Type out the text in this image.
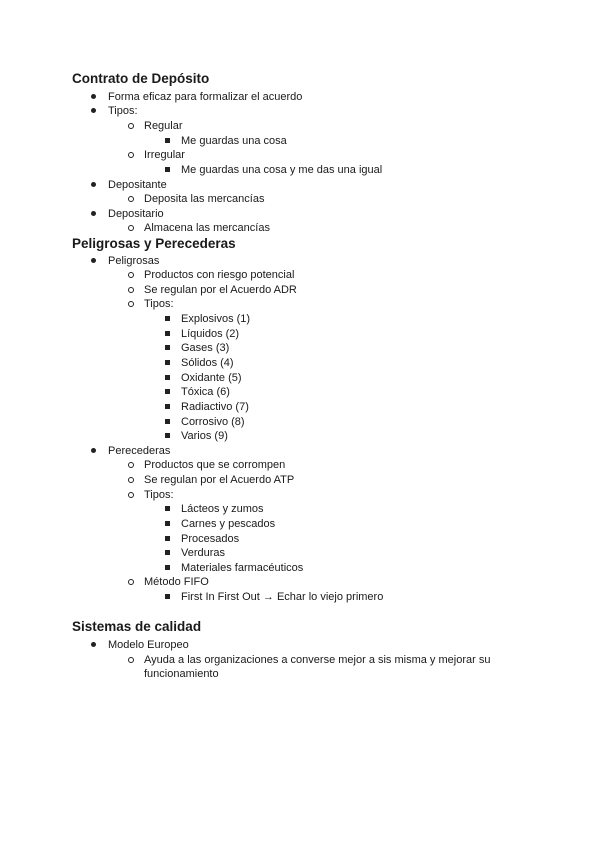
Contrato de Depósito
Forma eficaz para formalizar el acuerdo
Tipos:
Regular
Me guardas una cosa
Irregular
Me guardas una cosa y me das una igual
Depositante
Deposita las mercancías
Depositario
Almacena las mercancías
Peligrosas y Perecederas
Peligrosas
Productos con riesgo potencial
Se regulan por el Acuerdo ADR
Tipos:
Explosivos (1)
Líquidos (2)
Gases (3)
Sólidos (4)
Oxidante (5)
Tóxica (6)
Radiactivo (7)
Corrosivo (8)
Varios (9)
Perecederas
Productos que se corrompen
Se regulan por el Acuerdo ATP
Tipos:
Lácteos y zumos
Carnes y pescados
Procesados
Verduras
Materiales farmacéuticos
Método FIFO
First In First Out → Echar lo viejo primero
Sistemas de calidad
Modelo Europeo
Ayuda a las organizaciones a converse mejor a sis misma y mejorar su
funcionamiento
